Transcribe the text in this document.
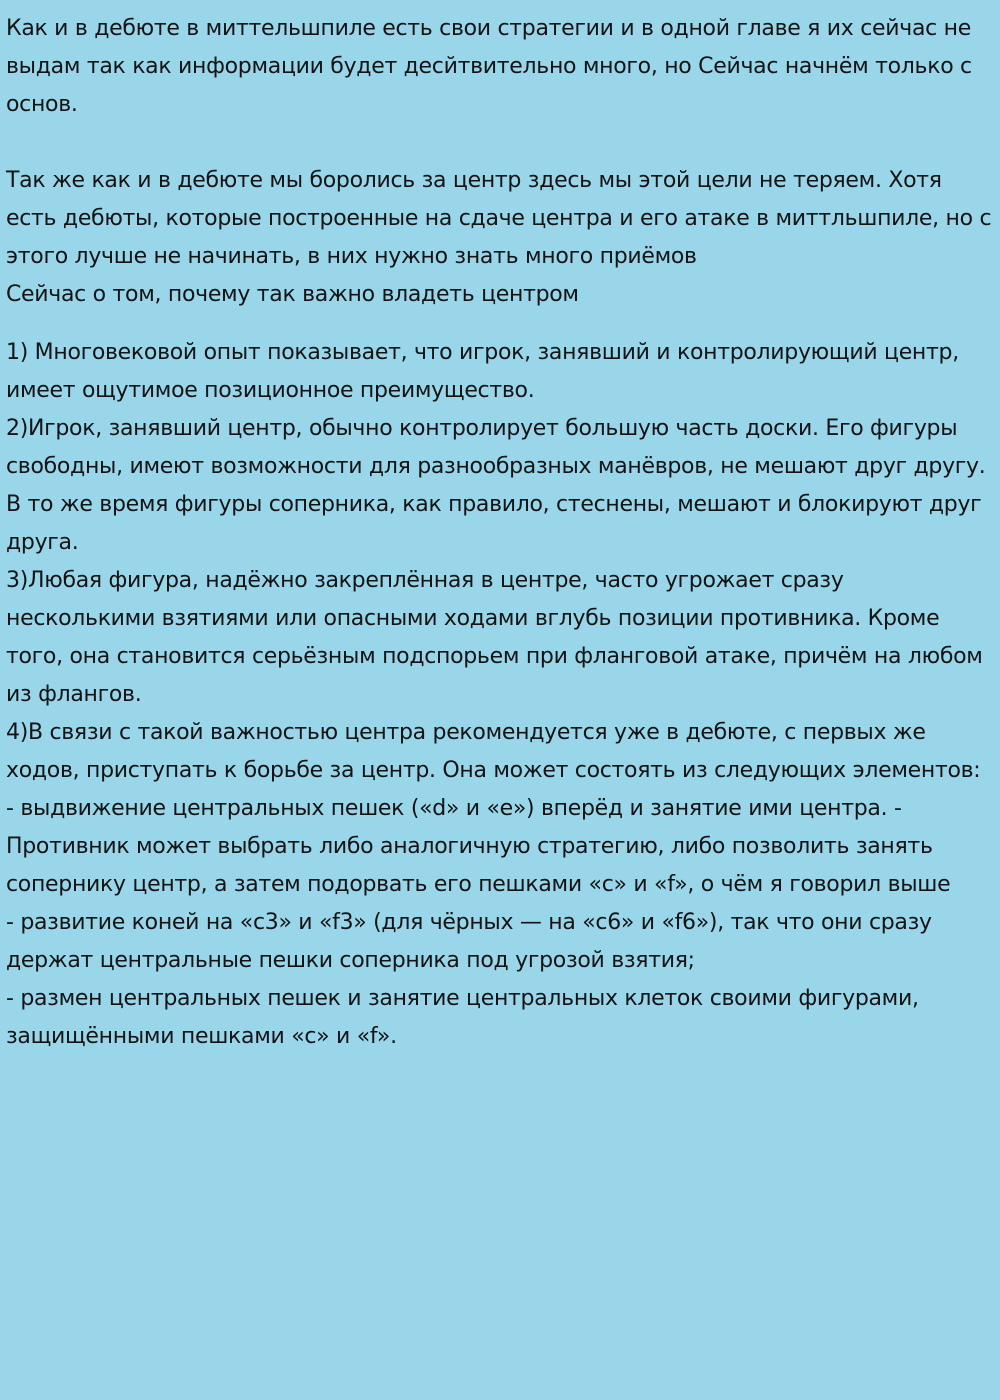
Как и в дебюте в миттельшпиле есть свои стратегии и в одной главе я их сейчас не выдам так как информации будет десйтвительно много, но Сейчас начнём только с основ.

Так же как и в дебюте мы боролись за центр здесь мы этой цели не теряем. Хотя есть дебюты, которые построенные на сдаче центра и его атаке в миттльшпиле, но с этого лучше не начинать, в них нужно знать много приёмов

Сейчас о том, почему так важно владеть центром

1) Многовековой опыт показывает, что игрок, занявший и контролирующий центр, имеет ощутимое позиционное преимущество.

2)Игрок, занявший центр, обычно контролирует большую часть доски. Его фигуры свободны, имеют возможности для разнообразных манёвров, не мешают друг другу. В то же время фигуры соперника, как правило, стеснены, мешают и блокируют друг друга.

3)Любая фигура, надёжно закреплённая в центре, часто угрожает сразу несколькими взятиями или опасными ходами вглубь позиции противника. Кроме того, она становится серьёзным подспорьем при фланговой атаке, причём на любом из флангов.

4)В связи с такой важностью центра рекомендуется уже в дебюте, с первых же ходов, приступать к борьбе за центр. Она может состоять из следующих элементов:

- выдвижение центральных пешек («d» и «e») вперёд и занятие ими центра. - Противник может выбрать либо аналогичную стратегию, либо позволить занять сопернику центр, а затем подорвать его пешками «c» и «f», о чём я говорил выше

- развитие коней на «c3» и «f3» (для чёрных — на «c6» и «f6»), так что они сразу держат центральные пешки соперника под угрозой взятия;

- размен центральных пешек и занятие центральных клеток своими фигурами, защищёнными пешками «c» и «f».
